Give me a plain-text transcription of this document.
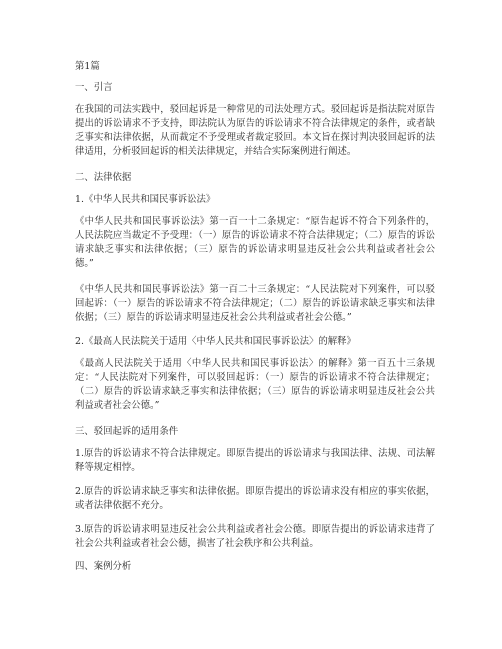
第1篇

一、引言

在我国的司法实践中，驳回起诉是一种常见的司法处理方式。驳回起诉是指法院对原告提出的诉讼请求不予支持，即法院认为原告的诉讼请求不符合法律规定的条件，或者缺乏事实和法律依据，从而裁定不予受理或者裁定驳回。本文旨在探讨判决驳回起诉的法律适用，分析驳回起诉的相关法律规定，并结合实际案例进行阐述。

二、法律依据

1.《中华人民共和国民事诉讼法》

《中华人民共和国民事诉讼法》第一百一十二条规定：“原告起诉不符合下列条件的，人民法院应当裁定不予受理：（一）原告的诉讼请求不符合法律规定；（二）原告的诉讼请求缺乏事实和法律依据；（三）原告的诉讼请求明显违反社会公共利益或者社会公德。”

《中华人民共和国民事诉讼法》第一百二十三条规定：“人民法院对下列案件，可以驳回起诉：（一）原告的诉讼请求不符合法律规定；（二）原告的诉讼请求缺乏事实和法律依据；（三）原告的诉讼请求明显违反社会公共利益或者社会公德。”

2.《最高人民法院关于适用〈中华人民共和国民事诉讼法〉的解释》

《最高人民法院关于适用〈中华人民共和国民事诉讼法〉的解释》第一百五十三条规定：“人民法院对下列案件，可以驳回起诉：（一）原告的诉讼请求不符合法律规定；（二）原告的诉讼请求缺乏事实和法律依据；（三）原告的诉讼请求明显违反社会公共利益或者社会公德。”

三、驳回起诉的适用条件

1.原告的诉讼请求不符合法律规定。即原告提出的诉讼请求与我国法律、法规、司法解释等规定相悖。

2.原告的诉讼请求缺乏事实和法律依据。即原告提出的诉讼请求没有相应的事实依据，或者法律依据不充分。

3.原告的诉讼请求明显违反社会公共利益或者社会公德。即原告提出的诉讼请求违背了社会公共利益或者社会公德，损害了社会秩序和公共利益。

四、案例分析
